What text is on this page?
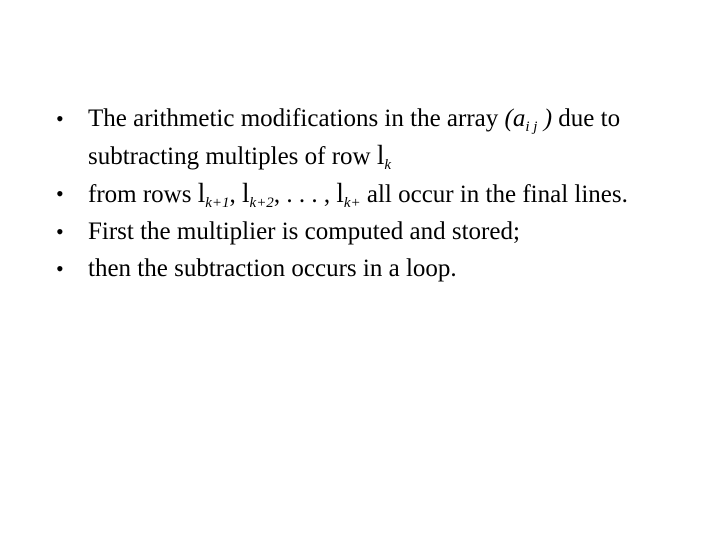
• The arithmetic modifications in the array ($a_{i j}$ ) due to subtracting multiples of row $l_k$
• from rows $l_{k+1}$, $l_{k+2}$, . . . , $l_{k+}$ all occur in the final lines.
• First the multiplier is computed and stored;
• then the subtraction occurs in a loop.
